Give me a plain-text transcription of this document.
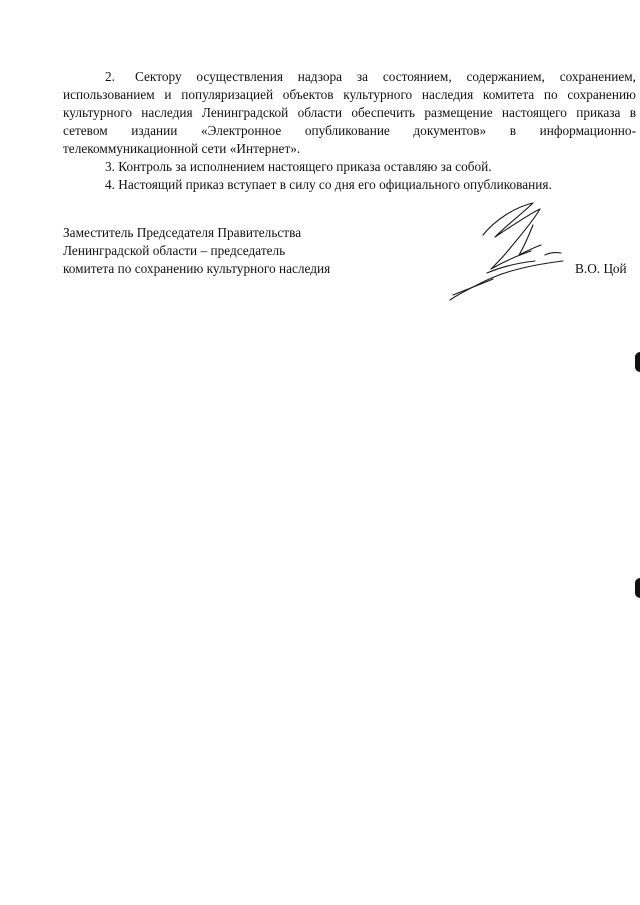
2. Сектору осуществления надзора за состоянием, содержанием, сохранением, использованием и популяризацией объектов культурного наследия комитета по сохранению культурного наследия Ленинградской области обеспечить размещение настоящего приказа в сетевом издании «Электронное опубликование документов» в информационно-телекоммуникационной сети «Интернет».

3. Контроль за исполнением настоящего приказа оставляю за собой.

4. Настоящий приказ вступает в силу со дня его официального опубликования.

Заместитель Председателя Правительства
Ленинградской области – председатель
комитета по сохранению культурного наследия	В.О. Цой
